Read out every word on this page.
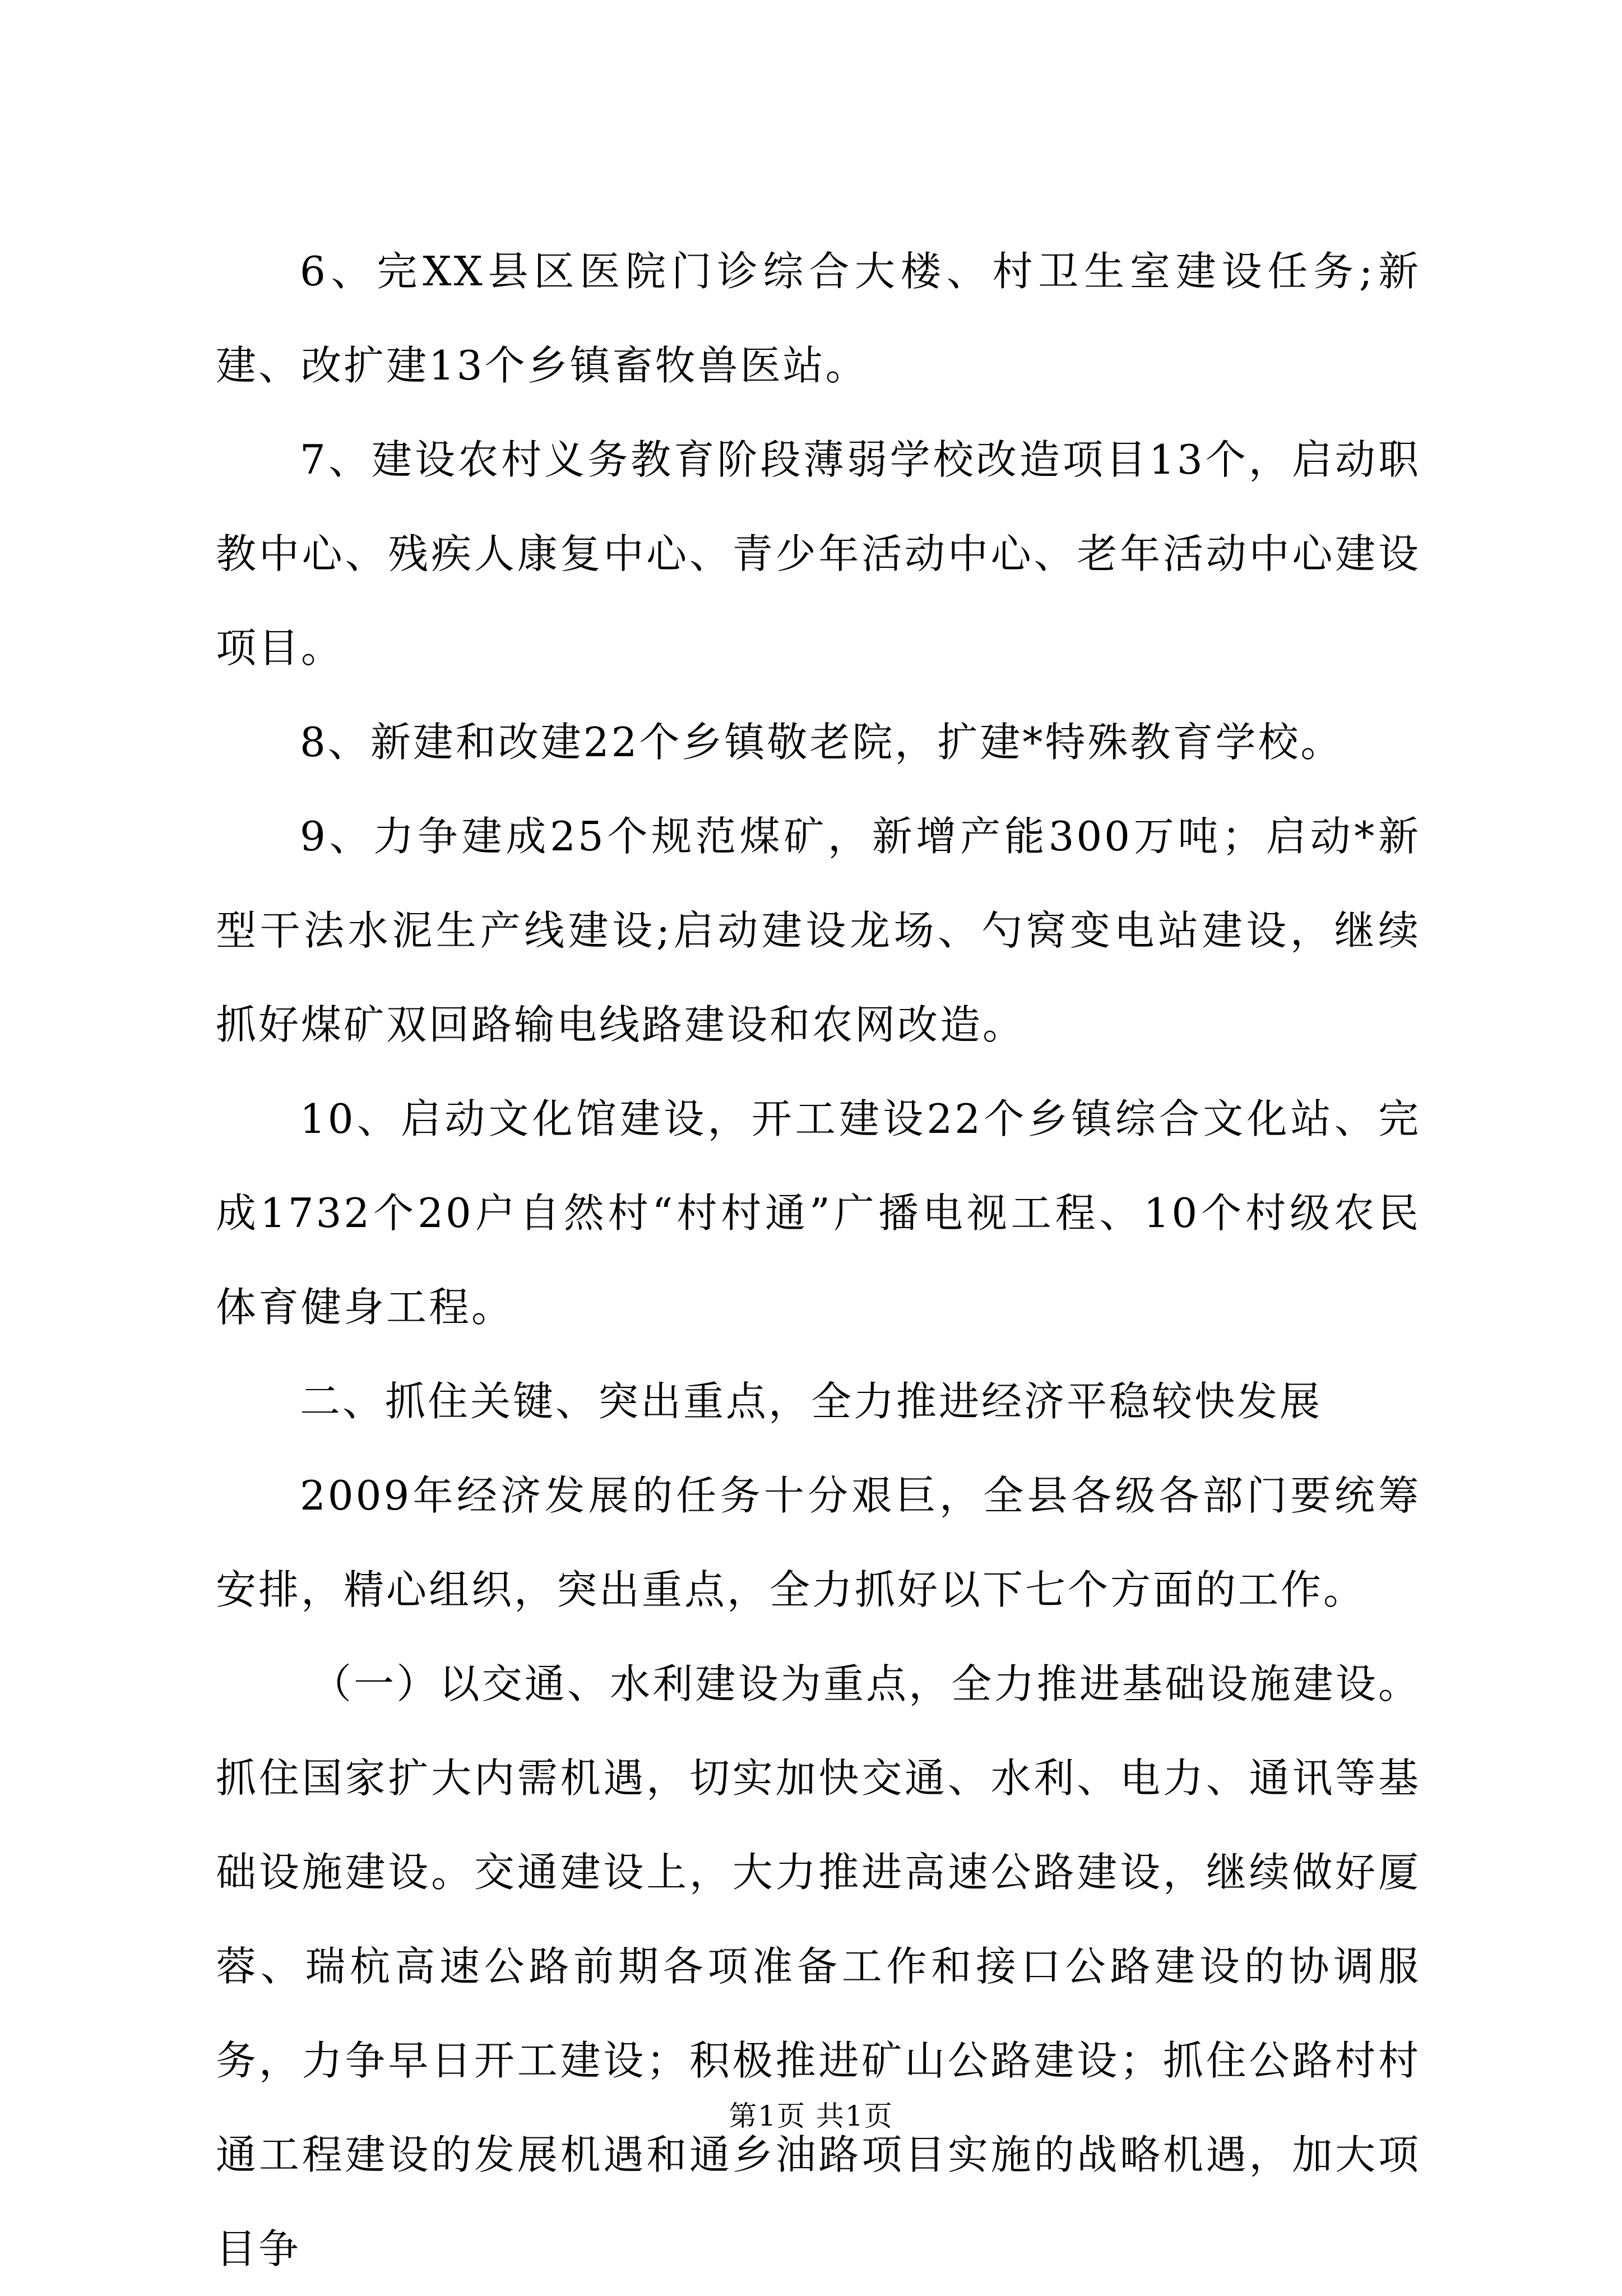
6、完XX县区医院门诊综合大楼、村卫生室建设任务;新建、改扩建13个乡镇畜牧兽医站。

7、建设农村义务教育阶段薄弱学校改造项目13个，启动职教中心、残疾人康复中心、青少年活动中心、老年活动中心建设项目。

8、新建和改建22个乡镇敬老院，扩建*特殊教育学校。

9、力争建成25个规范煤矿，新增产能300万吨；启动*新型干法水泥生产线建设;启动建设龙场、勺窝变电站建设，继续抓好煤矿双回路输电线路建设和农网改造。

10、启动文化馆建设，开工建设22个乡镇综合文化站、完成1732个20户自然村“村村通”广播电视工程、10个村级农民体育健身工程。

二、抓住关键、突出重点，全力推进经济平稳较快发展

2009年经济发展的任务十分艰巨，全县各级各部门要统筹安排，精心组织，突出重点，全力抓好以下七个方面的工作。

（一）以交通、水利建设为重点，全力推进基础设施建设。抓住国家扩大内需机遇，切实加快交通、水利、电力、通讯等基础设施建设。交通建设上，大力推进高速公路建设，继续做好厦蓉、瑞杭高速公路前期各项准备工作和接口公路建设的协调服务，力争早日开工建设；积极推进矿山公路建设；抓住公路村村通工程建设的发展机遇和通乡油路项目实施的战略机遇，加大项目争

第1页 共1页
